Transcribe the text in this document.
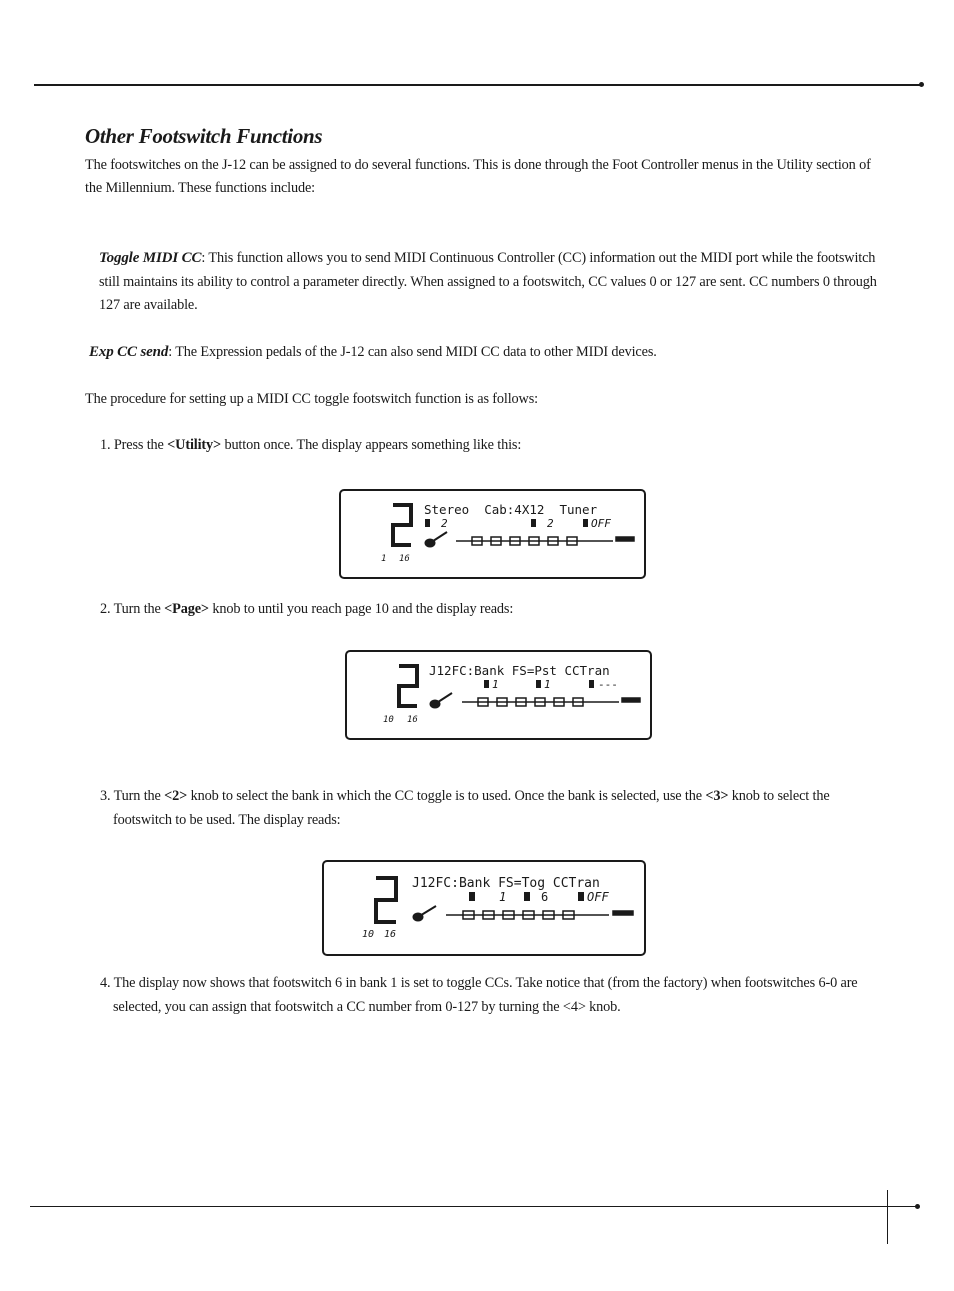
Other Footswitch Functions
The footswitches on the J-12 can be assigned to do several functions. This is done through the Foot Controller menus in the Utility section of
the Millennium. These functions include:
Toggle MIDI CC: This function allows you to send MIDI Continuous Controller (CC) information out the MIDI port while the footswitch
still maintains its ability to control a parameter directly. When assigned to a footswitch, CC values 0 or 127 are sent. CC numbers 0 through
127 are available.
Exp CC send: The Expression pedals of the J-12 can also send MIDI CC data to other MIDI devices.
The procedure for setting up a MIDI CC toggle footswitch function is as follows:
1. Press the <Utility> button once. The display appears something like this:
Stereo  Cab:4X12  Tuner
2	2	OFF
1 16
2. Turn the <Page> knob to until you reach page 10 and the display reads:
J12FC:Bank FS=Pst CCTran
1	1	---
10 16
3. Turn the <2> knob to select the bank in which the CC toggle is to used. Once the bank is selected, use the <3> knob to select the
footswitch to be used. The display reads:
J12FC:Bank FS=Tog CCTran
1	6	OFF
10 16
4. The display now shows that footswitch 6 in bank 1 is set to toggle CCs. Take notice that (from the factory) when footswitches 6-0 are
selected, you can assign that footswitch a CC number from 0-127 by turning the <4> knob.
